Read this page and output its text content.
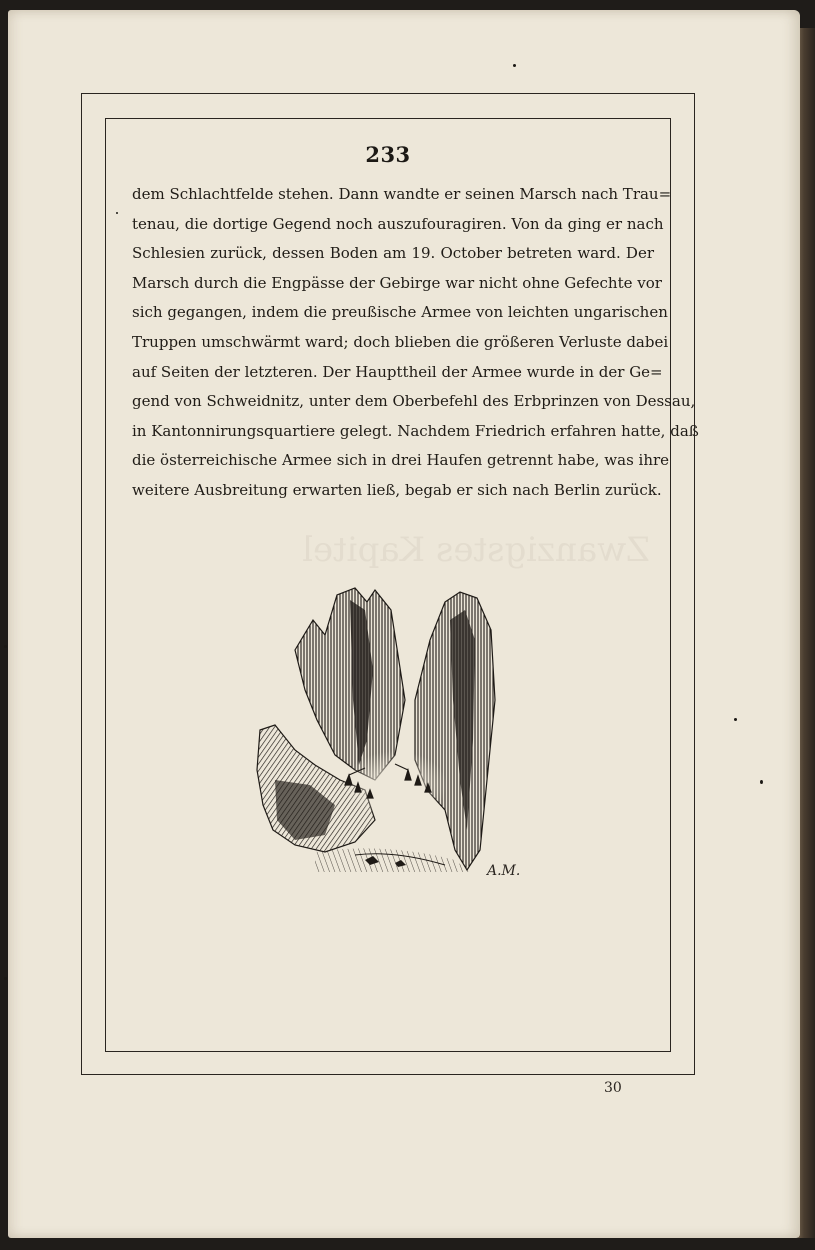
Zwanzigstes Kapitel
233
dem Schlachtfelde stehen. Dann wandte er seinen Marsch nach Trau=
tenau, die dortige Gegend noch auszufouragiren. Von da ging er nach
Schlesien zurück, dessen Boden am 19. October betreten ward. Der
Marsch durch die Engpässe der Gebirge war nicht ohne Gefechte vor
sich gegangen, indem die preußische Armee von leichten ungarischen
Truppen umschwärmt ward; doch blieben die größeren Verluste dabei
auf Seiten der letzteren. Der Haupttheil der Armee wurde in der Ge=
gend von Schweidnitz, unter dem Oberbefehl des Erbprinzen von Dessau,
in Kantonnirungsquartiere gelegt. Nachdem Friedrich erfahren hatte, daß
die österreichische Armee sich in drei Haufen getrennt habe, was ihre
weitere Ausbreitung erwarten ließ, begab er sich nach Berlin zurück.
A.M.
30
